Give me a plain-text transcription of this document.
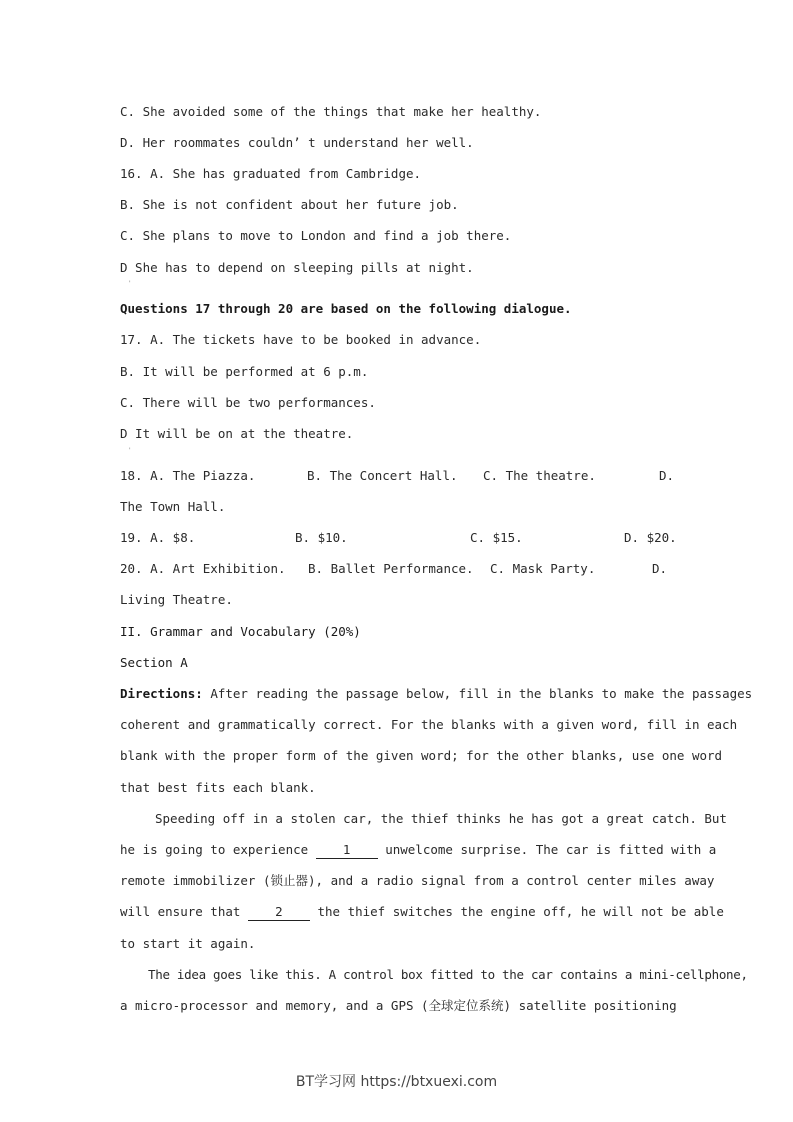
C. She avoided some of the things that make her healthy.
D. Her roommates couldn’ t understand her well.
16. A. She has graduated from Cambridge.
B. She is not confident about her future job.
C. She plans to move to London and find a job there.
D She has to depend on sleeping pills at night.
'
Questions 17 through 20 are based on the following dialogue.
17. A. The tickets have to be booked in advance.
B. It will be performed at 6 p.m.
C. There will be two performances.
D It will be on at the theatre.
'
18. A. The Piazza.	B. The Concert Hall. C. The theatre.	D.
The Town Hall.
19. A. $8.	B. $10.	C. $15.	D. $20.
20. A. Art Exhibition. B. Ballet Performance. C. Mask Party.	D.
Living Theatre.
II. Grammar and Vocabulary (20%)
Section A
Directions: After reading the passage below, fill in the blanks to make the passages
coherent and grammatically correct. For the blanks with a given word, fill in each
blank with the proper form of the given word; for the other blanks, use one word
that best fits each blank.
Speeding off in a stolen car, the thief thinks he has got a great catch. But
he is going to experience 1 unwelcome surprise. The car is fitted with a
remote immobilizer (锁止器), and a radio signal from a control center miles away
will ensure that 2 the thief switches the engine off, he will not be able
to start it again.
The idea goes like this. A control box fitted to the car contains a mini-cellphone,
a micro-processor and memory, and a GPS (全球定位系统) satellite positioning
BT学习网 https://btxuexi.com
